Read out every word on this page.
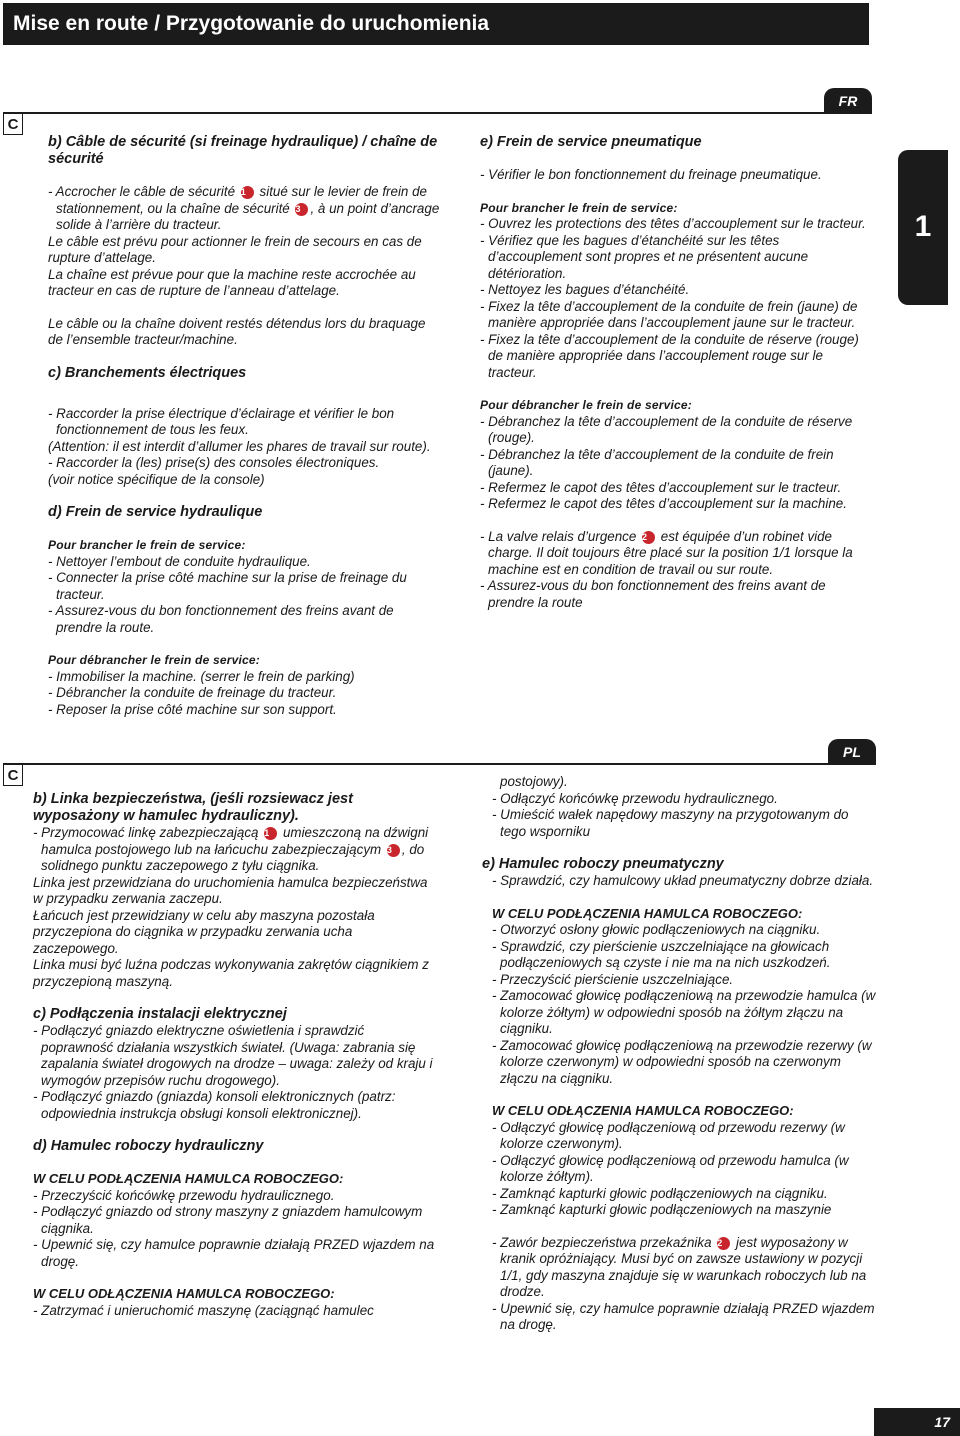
Mise en route / Przygotowanie do uruchomienia
FR
C
1

b) Câble de sécurité (si freinage hydraulique) / chaîne de sécurité

- Accrocher le câble de sécurité 1 situé sur le levier de frein de stationnement, ou la chaîne de sécurité 3 , à un point d’ancrage solide à l’arrière du tracteur.

Le câble est prévu pour actionner le frein de secours en cas de rupture d’attelage.

La chaîne est prévue pour que la machine reste accrochée au tracteur en cas de rupture de l’anneau d’attelage.

Le câble ou la chaîne doivent restés détendus lors du braquage de l’ensemble tracteur/machine.

c) Branchements électriques

- Raccorder la prise électrique d’éclairage et vérifier le bon fonctionnement de tous les feux.

(Attention: il est interdit d’allumer les phares de travail sur route).

- Raccorder la (les) prise(s) des consoles électroniques.

(voir notice spécifique de la console)

d) Frein de service hydraulique

Pour brancher le frein de service:

- Nettoyer l’embout de conduite hydraulique.

- Connecter la prise côté machine sur la prise de freinage du tracteur.

- Assurez-vous du bon fonctionnement des freins avant de prendre la route.

Pour débrancher le frein de service:

- Immobiliser la machine. (serrer le frein de parking)

- Débrancher la conduite de freinage du tracteur.

- Reposer la prise côté machine sur son support.

e) Frein de service pneumatique

- Vérifier le bon fonctionnement du freinage pneumatique.

Pour brancher le frein de service:

- Ouvrez les protections des têtes d’accouplement sur le tracteur.

- Vérifiez que les bagues d’étanchéité sur les têtes d’accouplement sont propres et ne présentent aucune détérioration.

- Nettoyez les bagues d’étanchéité.

- Fixez la tête d’accouplement de la conduite de frein (jaune) de manière appropriée dans l’accouplement jaune sur le tracteur.

- Fixez la tête d’accouplement de la conduite de réserve (rouge) de manière appropriée dans l’accouplement rouge sur le tracteur.

Pour débrancher le frein de service:

- Débranchez la tête d’accouplement de la conduite de réserve (rouge).

- Débranchez la tête d’accouplement de la conduite de frein (jaune).

- Refermez le capot des têtes d’accouplement sur le tracteur.

- Refermez le capot des têtes d’accouplement sur la machine.

- La valve relais d’urgence 2 est équipée d’un robinet vide charge. Il doit toujours être placé sur la position 1/1 lorsque la machine est en condition de travail ou sur route.

- Assurez-vous du bon fonctionnement des freins avant de prendre la route

PL
C

b) Linka bezpieczeństwa, (jeśli rozsiewacz jest wyposażony w hamulec hydrauliczny).

- Przymocować linkę zabezpieczającą 1 umieszczoną na dźwigni hamulca postojowego lub na łańcuchu zabezpieczającym 3 , do solidnego punktu zaczepowego z tyłu ciągnika.

Linka jest przewidziana do uruchomienia hamulca bezpieczeństwa w przypadku zerwania zaczepu.

Łańcuch jest przewidziany w celu aby maszyna pozostała przyczepiona do ciągnika w przypadku zerwania ucha zaczepowego.

Linka musi być luźna podczas wykonywania zakrętów ciągnikiem z przyczepioną maszyną.

c) Podłączenia instalacji elektrycznej

- Podłączyć gniazdo elektryczne oświetlenia i sprawdzić poprawność działania wszystkich świateł. (Uwaga: zabrania się zapalania świateł drogowych na drodze – uwaga: zależy od kraju i wymogów przepisów ruchu drogowego).

- Podłączyć gniazdo (gniazda) konsoli elektronicznych (patrz: odpowiednia instrukcja obsługi konsoli elektronicznej).

d) Hamulec roboczy hydrauliczny

W CELU PODŁĄCZENIA HAMULCA ROBOCZEGO:

- Przeczyścić końcówkę przewodu hydraulicznego.

- Podłączyć gniazdo od strony maszyny z gniazdem hamulcowym ciągnika.

- Upewnić się, czy hamulce poprawnie działają PRZED wjazdem na drogę.

W CELU ODŁĄCZENIA HAMULCA ROBOCZEGO:

- Zatrzymać i unieruchomić maszynę (zaciągnąć hamulec

postojowy).

- Odłączyć końcówkę przewodu hydraulicznego.

- Umieścić wałek napędowy maszyny na przygotowanym do tego wsporniku

e) Hamulec roboczy pneumatyczny

- Sprawdzić, czy hamulcowy układ pneumatyczny dobrze działa.

W CELU PODŁĄCZENIA HAMULCA ROBOCZEGO:

- Otworzyć osłony głowic podłączeniowych na ciągniku.

- Sprawdzić, czy pierścienie uszczelniające na głowicach podłączeniowych są czyste i nie ma na nich uszkodzeń.

- Przeczyścić pierścienie uszczelniające.

- Zamocować głowicę podłączeniową na przewodzie hamulca (w kolorze żółtym) w odpowiedni sposób na żółtym złączu na ciągniku.

- Zamocować głowicę podłączeniową na przewodzie rezerwy (w kolorze czerwonym) w odpowiedni sposób na czerwonym złączu na ciągniku.

W CELU ODŁĄCZENIA HAMULCA ROBOCZEGO:

- Odłączyć głowicę podłączeniową od przewodu rezerwy (w kolorze czerwonym).

- Odłączyć głowicę podłączeniową od przewodu hamulca (w kolorze żółtym).

- Zamknąć kapturki głowic podłączeniowych na ciągniku.

- Zamknąć kapturki głowic podłączeniowych na maszynie

- Zawór bezpieczeństwa przekaźnika 2 jest wyposażony w kranik opróżniający. Musi być on zawsze ustawiony w pozycji 1/1, gdy maszyna znajduje się w warunkach roboczych lub na drodze.

- Upewnić się, czy hamulce poprawnie działają PRZED wjazdem na drogę.

17
